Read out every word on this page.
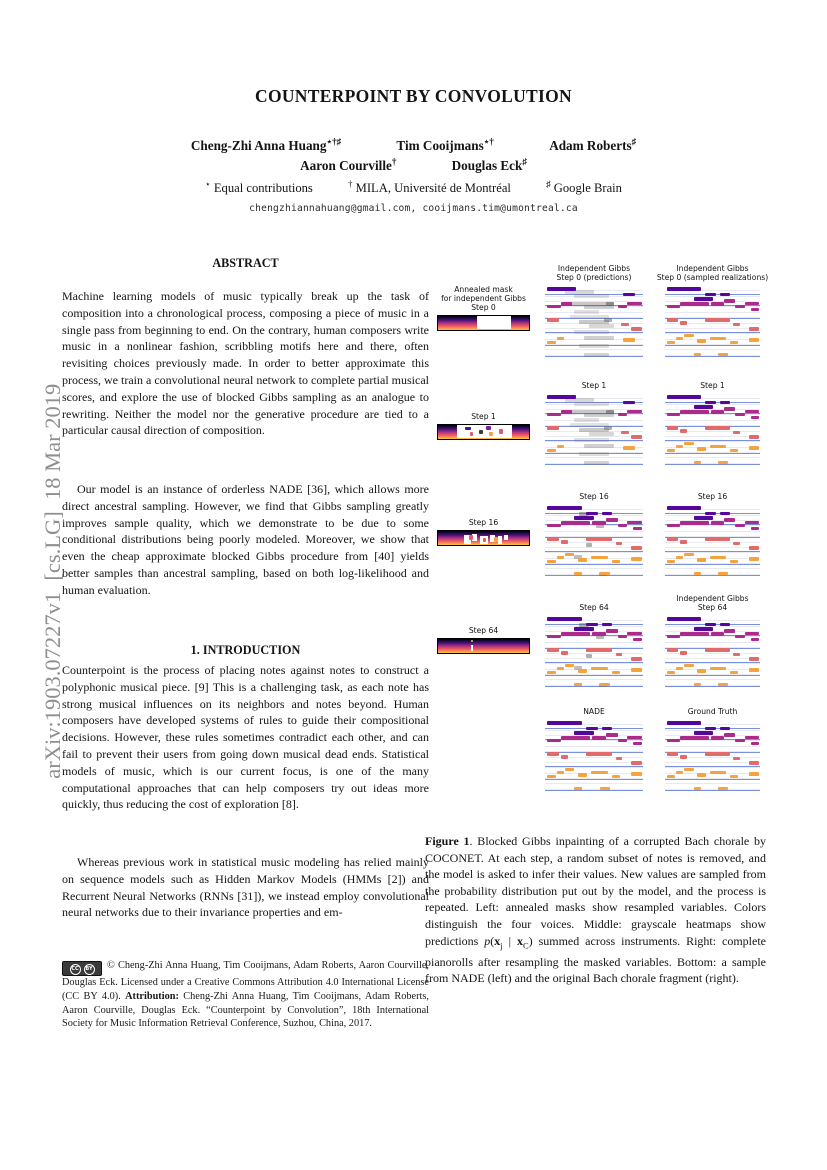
arXiv:1903.07227v1  [cs.LG]  18 Mar 2019

COUNTERPOINT BY CONVOLUTION
Cheng-Zhi Anna Huang⋆†♯	Tim Cooijmans⋆†	Adam Roberts♯
Aaron Courville†	Douglas Eck♯
⋆ Equal contributions	† MILA, Université de Montréal	♯ Google Brain
chengzhiannahuang@gmail.com, cooijmans.tim@umontreal.ca
ABSTRACT
Machine learning models of music typically break up the task of composition into a chronological process, composing a piece of music in a single pass from beginning to end. On the contrary, human composers write music in a nonlinear fashion, scribbling motifs here and there, often revisiting choices previously made. In order to better approximate this process, we train a convolutional neural network to complete partial musical scores, and explore the use of blocked Gibbs sampling as an analogue to rewriting. Neither the model nor the generative procedure are tied to a particular causal direction of composition.
Our model is an instance of orderless NADE [36], which allows more direct ancestral sampling. However, we find that Gibbs sampling greatly improves sample quality, which we demonstrate to be due to some conditional distributions being poorly modeled. Moreover, we show that even the cheap approximate blocked Gibbs procedure from [40] yields better samples than ancestral sampling, based on both log-likelihood and human evaluation.
1. INTRODUCTION
Counterpoint is the process of placing notes against notes to construct a polyphonic musical piece. [9] This is a challenging task, as each note has strong musical influences on its neighbors and notes beyond. Human composers have developed systems of rules to guide their compositional decisions. However, these rules sometimes contradict each other, and can fail to prevent their users from going down musical dead ends. Statistical models of music, which is our current focus, is one of the many computational approaches that can help composers try out ideas more quickly, thus reducing the cost of exploration [8].
Whereas previous work in statistical music modeling has relied mainly on sequence models such as Hidden Markov Models (HMMs [2]) and Recurrent Neural Networks (RNNs [31]), we instead employ convolutional neural networks due to their invariance properties and em-
CC BY © Cheng-Zhi Anna Huang, Tim Cooijmans, Adam Roberts, Aaron Courville, Douglas Eck. Licensed under a Creative Commons Attribution 4.0 International License (CC BY 4.0). Attribution: Cheng-Zhi Anna Huang, Tim Cooijmans, Adam Roberts, Aaron Courville, Douglas Eck. “Counterpoint by Convolution”, 18th International Society for Music Information Retrieval Conference, Suzhou, China, 2017.
Annealed mask
for independent Gibbs
Step 0
Independent Gibbs
Step 0 (predictions)
Independent Gibbs
Step 0 (sampled realizations)
Step 1
Step 1	Step 1
Step 16
Step 16	Step 16
Step 64
Step 64
Independent Gibbs
Step 64
NADE	Ground Truth
Figure 1. Blocked Gibbs inpainting of a corrupted Bach chorale by COCONET. At each step, a random subset of notes is removed, and the model is asked to infer their values. New values are sampled from the probability distribution put out by the model, and the process is repeated. Left: annealed masks show resampled variables. Colors distinguish the four voices. Middle: grayscale heatmaps show predictions $p(x_j$ | $x_C$) summed across instruments. Right: complete pianorolls after resampling the masked variables. Bottom: a sample from NADE (left) and the original Bach chorale fragment (right).
